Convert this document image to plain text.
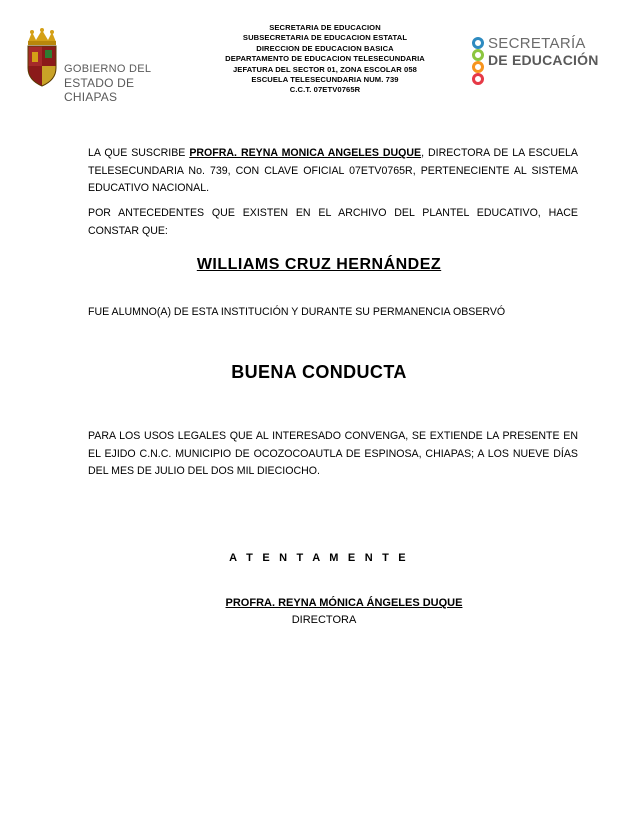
GOBIERNO DEL
ESTADO DE CHIAPAS
SECRETARIA DE EDUCACION
SUBSECRETARIA DE EDUCACION ESTATAL
DIRECCION DE EDUCACION BASICA
DEPARTAMENTO DE EDUCACION TELESECUNDARIA
JEFATURA DEL SECTOR 01, ZONA ESCOLAR 058
ESCUELA TELESECUNDARIA NUM. 739
C.C.T. 07ETV0765R
SECRETARÍA
DE EDUCACIÓN

LA QUE SUSCRIBE PROFRA. REYNA MONICA ANGELES DUQUE, DIRECTORA DE LA ESCUELA TELESECUNDARIA No. 739, CON CLAVE OFICIAL 07ETV0765R, PERTENECIENTE AL SISTEMA EDUCATIVO NACIONAL.

POR ANTECEDENTES QUE EXISTEN EN EL ARCHIVO DEL PLANTEL EDUCATIVO, HACE CONSTAR QUE:

WILLIAMS CRUZ HERNÁNDEZ

FUE ALUMNO(A) DE ESTA INSTITUCIÓN Y DURANTE SU PERMANENCIA OBSERVÓ

BUENA CONDUCTA

PARA LOS USOS LEGALES QUE AL INTERESADO CONVENGA, SE EXTIENDE LA PRESENTE EN EL EJIDO C.N.C. MUNICIPIO DE OCOZOCOAUTLA DE ESPINOSA, CHIAPAS; A LOS NUEVE DÍAS DEL MES DE JULIO DEL DOS MIL DIECIOCHO.

A T E N T A M E N T E
PROFRA. REYNA MÓNICA ÁNGELES DUQUE
DIRECTORA
